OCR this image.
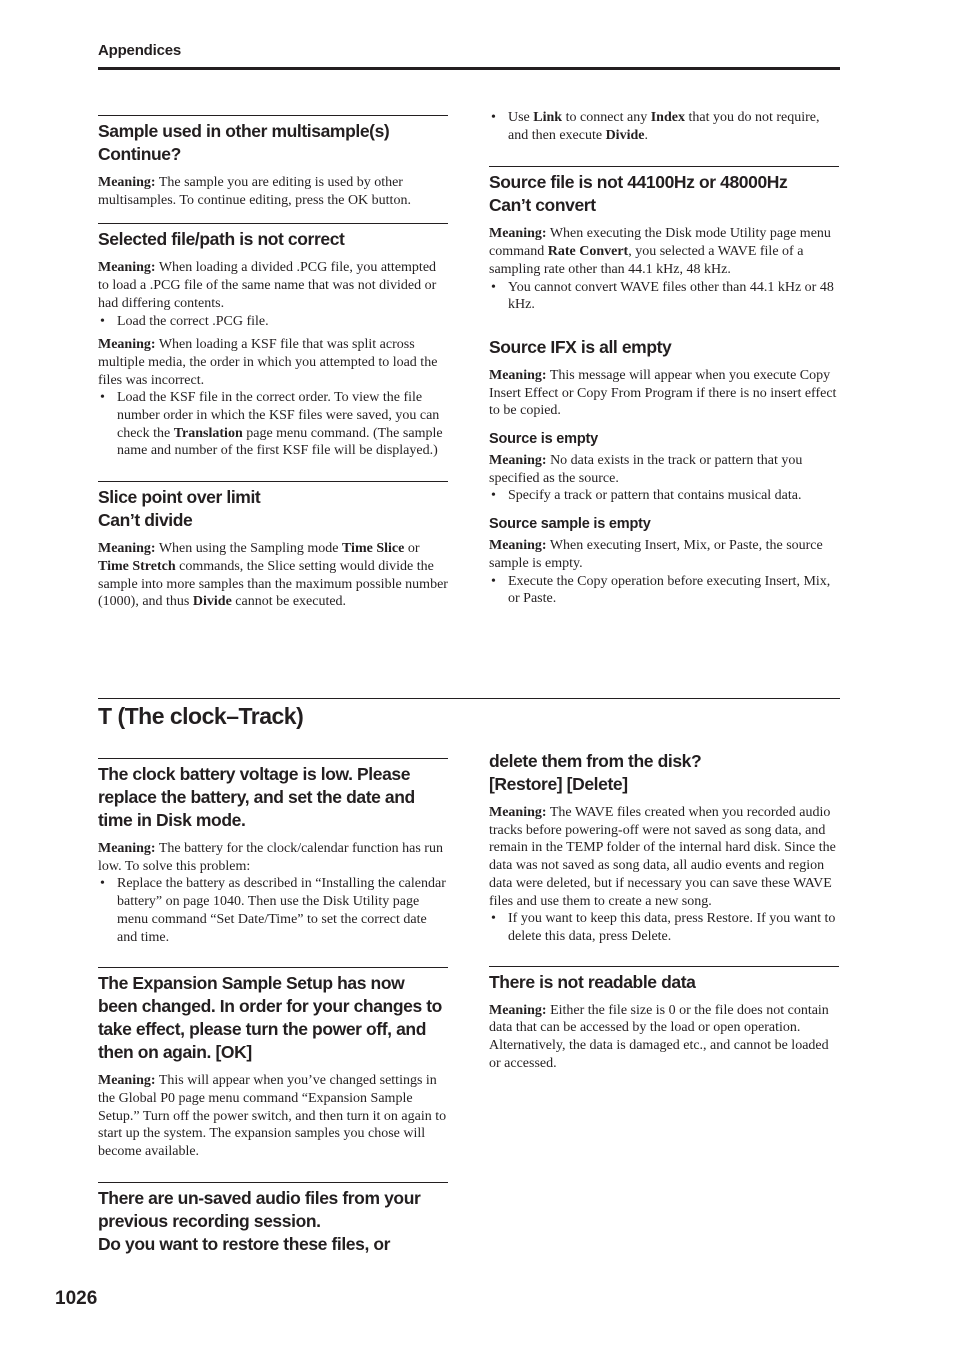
Appendices
Sample used in other multisample(s) Continue?

Meaning: The sample you are editing is used by other multisamples. To continue editing, press the OK button.

Selected file/path is not correct

Meaning: When loading a divided .PCG file, you attempted to load a .PCG file of the same name that was not divided or had differing contents.

• Load the correct .PCG file.

Meaning: When loading a KSF file that was split across multiple media, the order in which you attempted to load the files was incorrect.

• Load the KSF file in the correct order. To view the file number order in which the KSF files were saved, you can check the Translation page menu command. (The sample name and number of the first KSF file will be displayed.)
Slice point over limit
Can’t divide

Meaning: When using the Sampling mode Time Slice or Time Stretch commands, the Slice setting would divide the sample into more samples than the maximum possible number (1000), and thus Divide cannot be executed.

• Use Link to connect any Index that you do not require, and then execute Divide.
Source file is not 44100Hz or 48000Hz
Can’t convert

Meaning: When executing the Disk mode Utility page menu command Rate Convert, you selected a WAVE file of a sampling rate other than 44.1 kHz, 48 kHz.

• You cannot convert WAVE files other than 44.1 kHz or 48 kHz.
Source IFX is all empty

Meaning: This message will appear when you execute Copy Insert Effect or Copy From Program if there is no insert effect to be copied.

Source is empty

Meaning: No data exists in the track or pattern that you specified as the source.

• Specify a track or pattern that contains musical data.
Source sample is empty

Meaning: When executing Insert, Mix, or Paste, the source sample is empty.

• Execute the Copy operation before executing Insert, Mix, or Paste.
T (The clock–Track)
The clock battery voltage is low. Please replace the battery, and set the date and time in Disk mode.

Meaning: The battery for the clock/calendar function has run low. To solve this problem:

• Replace the battery as described in “Installing the calendar battery” on page 1040. Then use the Disk Utility page menu command “Set Date/Time” to set the correct date and time.
The Expansion Sample Setup has now been changed. In order for your changes to take effect, please turn the power off, and then on again. [OK]

Meaning: This will appear when you’ve changed settings in the Global P0 page menu command “Expansion Sample Setup.” Turn off the power switch, and then turn it on again to start up the system. The expansion samples you chose will become available.

There are un-saved audio files from your previous recording session.
Do you want to restore these files, or
delete them from the disk?
[Restore] [Delete]

Meaning: The WAVE files created when you recorded audio tracks before powering-off were not saved as song data, and remain in the TEMP folder of the internal hard disk. Since the data was not saved as song data, all audio events and region data were deleted, but if necessary you can save these WAVE files and use them to create a new song.

• If you want to keep this data, press Restore. If you want to delete this data, press Delete.
There is not readable data

Meaning: Either the file size is 0 or the file does not contain data that can be accessed by the load or open operation. Alternatively, the data is damaged etc., and cannot be loaded or accessed.

1026
